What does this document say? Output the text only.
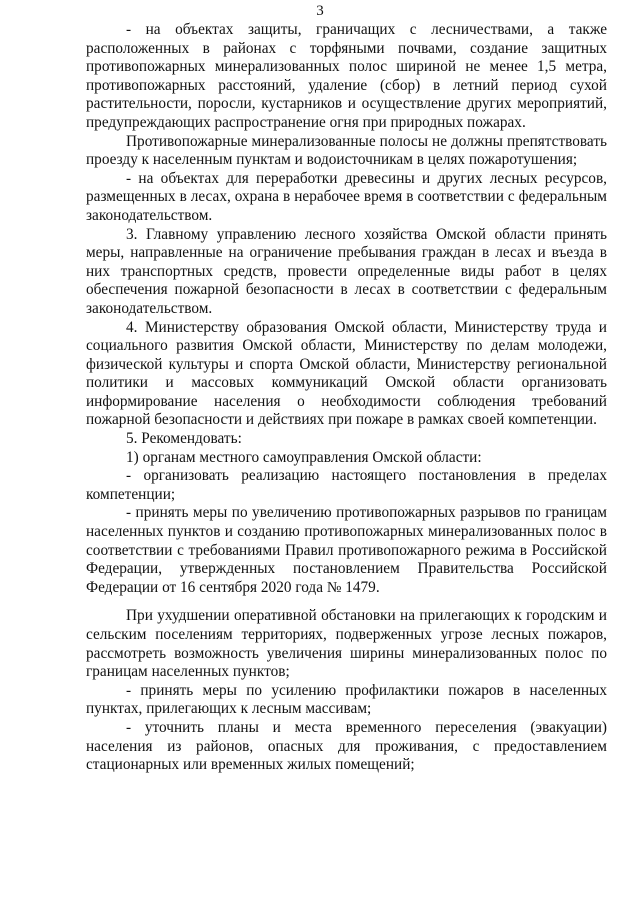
3

- на объектах защиты, граничащих с лесничествами, а также расположенных в районах с торфяными почвами, создание защитных противопожарных минерализованных полос шириной не менее 1,5 метра, противопожарных расстояний, удаление (сбор) в летний период сухой растительности, поросли, кустарников и осуществление других мероприятий, предупреждающих распространение огня при природных пожарах.

Противопожарные минерализованные полосы не должны препятствовать проезду к населенным пунктам и водоисточникам в целях пожаротушения;

- на объектах для переработки древесины и других лесных ресурсов, размещенных в лесах, охрана в нерабочее время в соответствии с федеральным законодательством.

3. Главному управлению лесного хозяйства Омской области принять меры, направленные на ограничение пребывания граждан в лесах и въезда в них транспортных средств, провести определенные виды работ в целях обеспечения пожарной безопасности в лесах в соответствии с федеральным законодательством.

4. Министерству образования Омской области, Министерству труда и социального развития Омской области, Министерству по делам молодежи, физической культуры и спорта Омской области, Министерству региональной политики и массовых коммуникаций Омской области организовать информирование населения о необходимости соблюдения требований пожарной безопасности и действиях при пожаре в рамках своей компетенции.

5. Рекомендовать:

1) органам местного самоуправления Омской области:

- организовать реализацию настоящего постановления в пределах компетенции;

- принять меры по увеличению противопожарных разрывов по границам населенных пунктов и созданию противопожарных минерализованных полос в соответствии с требованиями Правил противопожарного режима в Российской Федерации, утвержденных постановлением Правительства Российской Федерации от 16 сентября 2020 года № 1479.

При ухудшении оперативной обстановки на прилегающих к городским и сельским поселениям территориях, подверженных угрозе лесных пожаров, рассмотреть возможность увеличения ширины минерализованных полос по границам населенных пунктов;

- принять меры по усилению профилактики пожаров в населенных пунктах, прилегающих к лесным массивам;

- уточнить планы и места временного переселения (эвакуации) населения из районов, опасных для проживания, с предоставлением стационарных или временных жилых помещений;
